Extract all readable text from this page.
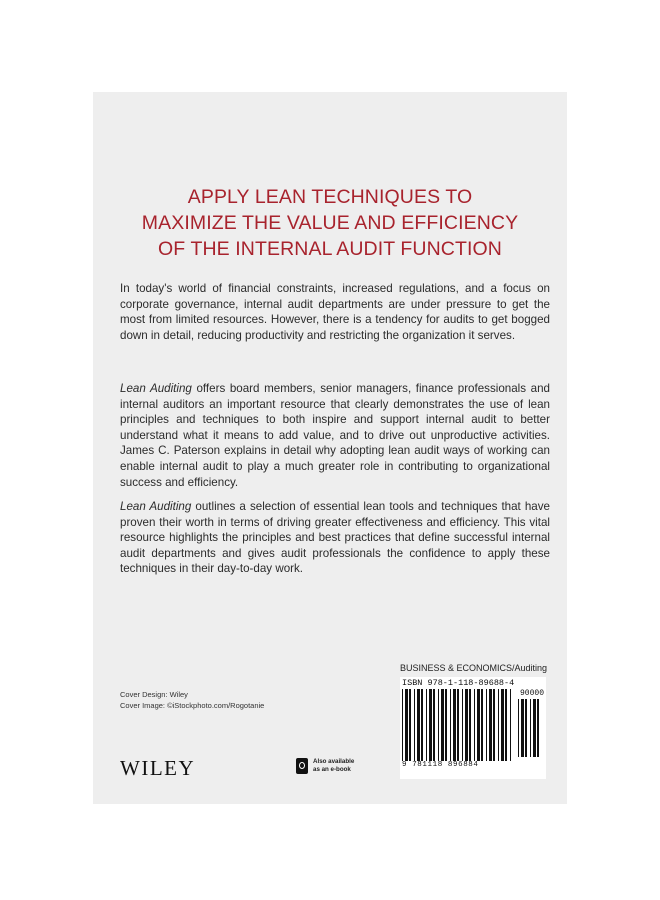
APPLY LEAN TECHNIQUES TO
MAXIMIZE THE VALUE AND EFFICIENCY
OF THE INTERNAL AUDIT FUNCTION

In today's world of financial constraints, increased regulations, and a focus on corporate governance, internal audit departments are under pressure to get the most from limited resources. However, there is a tendency for audits to get bogged down in detail, reducing productivity and restricting the organization it serves.

Lean Auditing offers board members, senior managers, finance professionals and internal auditors an important resource that clearly demonstrates the use of lean principles and techniques to both inspire and support internal audit to better understand what it means to add value, and to drive out unproductive activities. James C. Paterson explains in detail why adopting lean audit ways of working can enable internal audit to play a much greater role in contributing to organizational success and efficiency.

Lean Auditing outlines a selection of essential lean tools and techniques that have proven their worth in terms of driving greater effectiveness and efficiency. This vital resource highlights the principles and best practices that define successful internal audit departments and gives audit professionals the confidence to apply these techniques in their day-to-day work.

BUSINESS & ECONOMICS/Auditing
Cover Design: Wiley
Cover Image: ©iStockphoto.com/Rogotanie
WILEY	Also available
as an e-book
ISBN 978-1-118-89688-4
90000
9 781118 896884
